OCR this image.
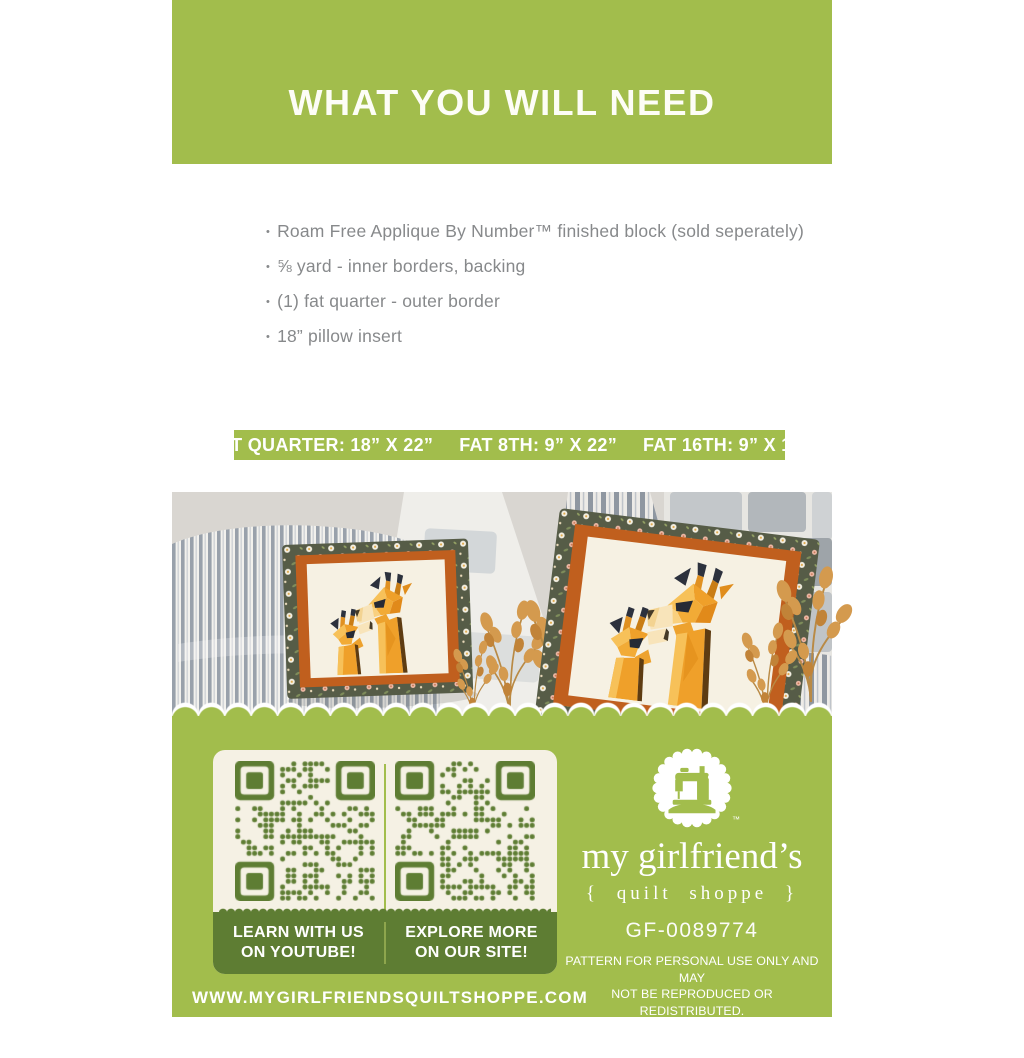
WHAT YOU WILL NEED
• Roam Free Applique By Number™ finished block (sold seperately)
• ⅝ yard - inner borders, backing
• (1) fat quarter - outer border
• 18” pillow insert
FAT QUARTER: 18” X 22” FAT 8TH: 9” X 22” FAT 16TH: 9” X 11”
LEARN WITH US
ON YOUTUBE!
EXPLORE MORE
ON OUR SITE!
WWW.MYGIRLFRIENDSQUILTSHOPPE.COM
™
my girlfriend’s
{ quilt shoppe }
GF-0089774
PATTERN FOR PERSONAL USE ONLY AND MAY
NOT BE REPRODUCED OR REDISTRIBUTED.
MY GIRLFRIEND’S QUILT SHOPPE © 2025
